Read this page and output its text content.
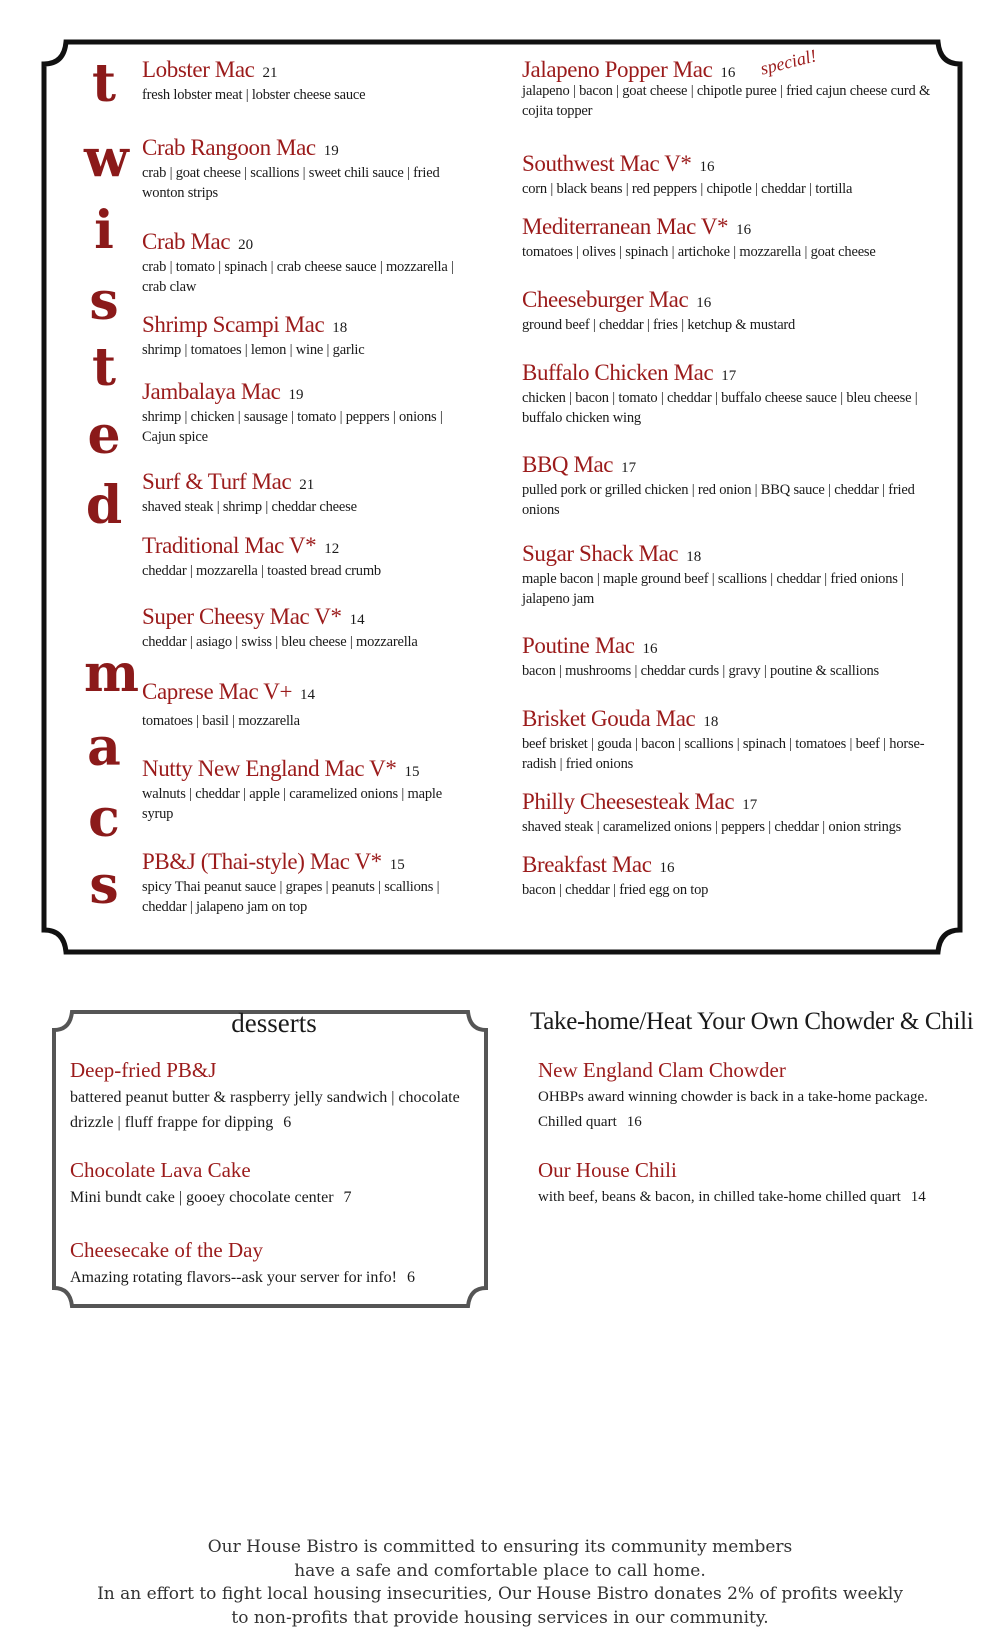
t
w
i
s
t
e
d
m
a
c
s
Lobster Mac 21
fresh lobster meat | lobster cheese sauce
Crab Rangoon Mac 19
crab | goat cheese | scallions | sweet chili sauce | fried wonton strips
Crab Mac 20
crab | tomato | spinach | crab cheese sauce | mozzarella | crab claw
Shrimp Scampi Mac 18
shrimp | tomatoes | lemon | wine | garlic
Jambalaya Mac 19
shrimp | chicken | sausage | tomato | peppers | onions | Cajun spice
Surf & Turf Mac 21
shaved steak | shrimp | cheddar cheese
Traditional Mac V* 12
cheddar | mozzarella | toasted bread crumb
Super Cheesy Mac V* 14
cheddar | asiago | swiss | bleu cheese | mozzarella
Caprese Mac V+ 14
tomatoes | basil | mozzarella
Nutty New England Mac V* 15
walnuts | cheddar | apple | caramelized onions | maple syrup
PB&J (Thai-style) Mac V* 15
spicy Thai peanut sauce | grapes | peanuts | scallions | cheddar | jalapeno jam on top
special!
Jalapeno Popper Mac 16
jalapeno | bacon | goat cheese | chipotle puree | fried cajun cheese curd & cojita topper
Southwest Mac V* 16
corn | black beans | red peppers | chipotle | cheddar | tortilla
Mediterranean Mac V* 16
tomatoes | olives | spinach | artichoke | mozzarella | goat cheese
Cheeseburger Mac 16
ground beef | cheddar | fries | ketchup & mustard
Buffalo Chicken Mac 17
chicken | bacon | tomato | cheddar | buffalo cheese sauce | bleu cheese | buffalo chicken wing
BBQ Mac 17
pulled pork or grilled chicken | red onion | BBQ sauce | cheddar | fried onions
Sugar Shack Mac 18
maple bacon | maple ground beef | scallions | cheddar | fried onions | jalapeno jam
Poutine Mac 16
bacon | mushrooms | cheddar curds | gravy | poutine & scallions
Brisket Gouda Mac 18
beef brisket | gouda | bacon | scallions | spinach | tomatoes | beef | horse-radish | fried onions
Philly Cheesesteak Mac 17
shaved steak | caramelized onions | peppers | cheddar | onion strings
Breakfast Mac 16
bacon | cheddar | fried egg on top
desserts
Deep-fried PB&J
battered peanut butter & raspberry jelly sandwich | chocolate drizzle | fluff frappe for dipping 6
Chocolate Lava Cake
Mini bundt cake | gooey chocolate center 7
Cheesecake of the Day
Amazing rotating flavors--ask your server for info! 6
Take-home/Heat Your Own Chowder & Chili
New England Clam Chowder
OHBPs award winning chowder is back in a take-home package. Chilled quart 16
Our House Chili
with beef, beans & bacon, in chilled take-home chilled quart 14
Our House Bistro is committed to ensuring its community members
have a safe and comfortable place to call home.
In an effort to fight local housing insecurities, Our House Bistro donates 2% of profits weekly
to non-profits that provide housing services in our community.
